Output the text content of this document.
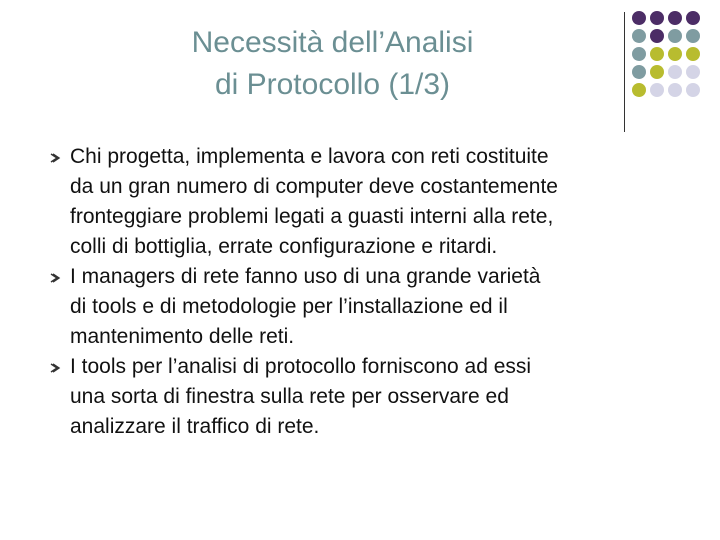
Necessità dell’Analisi
di Protocollo (1/3)
Chi progetta, implementa e lavora con reti costituite
da un gran numero di computer deve costantemente
fronteggiare problemi legati a guasti interni alla rete,
colli di bottiglia, errate configurazione e ritardi.
I managers di rete fanno uso di una grande varietà
di tools e di metodologie per l’installazione ed il
mantenimento delle reti.
I tools per l’analisi di protocollo forniscono ad essi
una sorta di finestra sulla rete per osservare ed
analizzare il traffico di rete.
